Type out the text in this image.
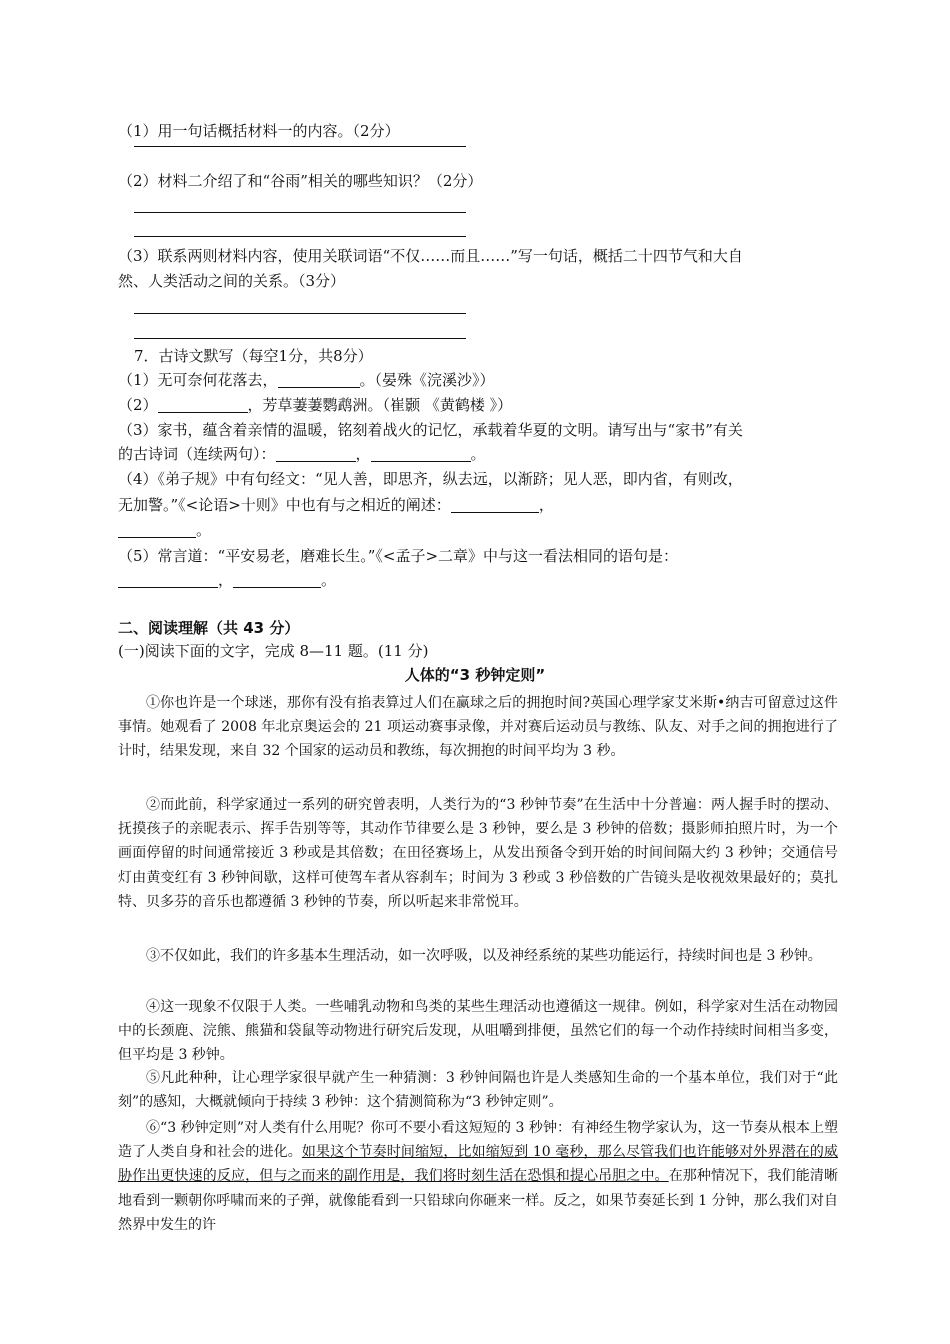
（1）用一句话概括材料一的内容。（2分）
（2）材料二介绍了和“谷雨”相关的哪些知识？（2分）
（3）联系两则材料内容，使用关联词语“不仅……而且……”写一句话，概括二十四节气和大自
然、人类活动之间的关系。（3分）
7．古诗文默写（每空1分，共8分）
（1）无可奈何花落去，	。（晏殊《浣溪沙》）
（2）	，芳草萋萋鹦鹉洲。（崔颢 《黄鹤楼 》）
（3）家书，蕴含着亲情的温暖，铭刻着战火的记忆，承载着华夏的文明。请写出与“家书”有关
的古诗词（连续两句）：	，	。
（4）《弟子规》中有句经文：“见人善，即思齐，纵去远，以渐跻；见人恶，即内省，有则改，
无加警。”《<论语>十则》中也有与之相近的阐述：	，
。
（5）常言道：“平安易老，磨难长生。”《<孟子>二章》中与这一看法相同的语句是：
，	。
二、阅读理解（共 43 分）
(一)阅读下面的文字，完成 8—11 题。(11 分)
人体的“3 秒钟定则”
①你也许是一个球迷，那你有没有掐表算过人们在赢球之后的拥抱时间?英国心理学家艾米斯•纳吉可留意过这件事情。她观看了 2008 年北京奥运会的 21 项运动赛事录像，并对赛后运动员与教练、队友、对手之间的拥抱进行了计时，结果发现，来自 32 个国家的运动员和教练，每次拥抱的时间平均为 3 秒。
②而此前，科学家通过一系列的研究曾表明，人类行为的“3 秒钟节奏”在生活中十分普遍：两人握手时的摆动、抚摸孩子的亲昵表示、挥手告别等等，其动作节律要么是 3 秒钟，要么是 3 秒钟的倍数；摄影师拍照片时，为一个画面停留的时间通常接近 3 秒或是其倍数；在田径赛场上，从发出预备令到开始的时间间隔大约 3 秒钟；交通信号灯由黄变红有 3 秒钟间歇，这样可使驾车者从容刹车；时间为 3 秒或 3 秒倍数的广告镜头是收视效果最好的；莫扎特、贝多芬的音乐也都遵循 3 秒钟的节奏，所以听起来非常悦耳。
③不仅如此，我们的许多基本生理活动，如一次呼吸，以及神经系统的某些功能运行，持续时间也是 3 秒钟。
④这一现象不仅限于人类。一些哺乳动物和鸟类的某些生理活动也遵循这一规律。例如，科学家对生活在动物园中的长颈鹿、浣熊、熊猫和袋鼠等动物进行研究后发现，从咀嚼到排便，虽然它们的每一个动作持续时间相当多变，但平均是 3 秒钟。
⑤凡此种种，让心理学家很早就产生一种猜测：3 秒钟间隔也许是人类感知生命的一个基本单位，我们对于“此刻”的感知，大概就倾向于持续 3 秒钟：这个猜测简称为“3 秒钟定则”。
⑥“3 秒钟定则”对人类有什么用呢？你可不要小看这短短的 3 秒钟：有神经生物学家认为，这一节奏从根本上塑造了人类自身和社会的进化。如果这个节奏时间缩短，比如缩短到 10 毫秒，那么尽管我们也许能够对外界潜在的威胁作出更快速的反应，但与之而来的副作用是，我们将时刻生活在恐惧和提心吊胆之中。在那种情况下，我们能清晰地看到一颗朝你呼啸而来的子弹，就像能看到一只铅球向你砸来一样。反之，如果节奏延长到 1 分钟，那么我们对自然界中发生的许
